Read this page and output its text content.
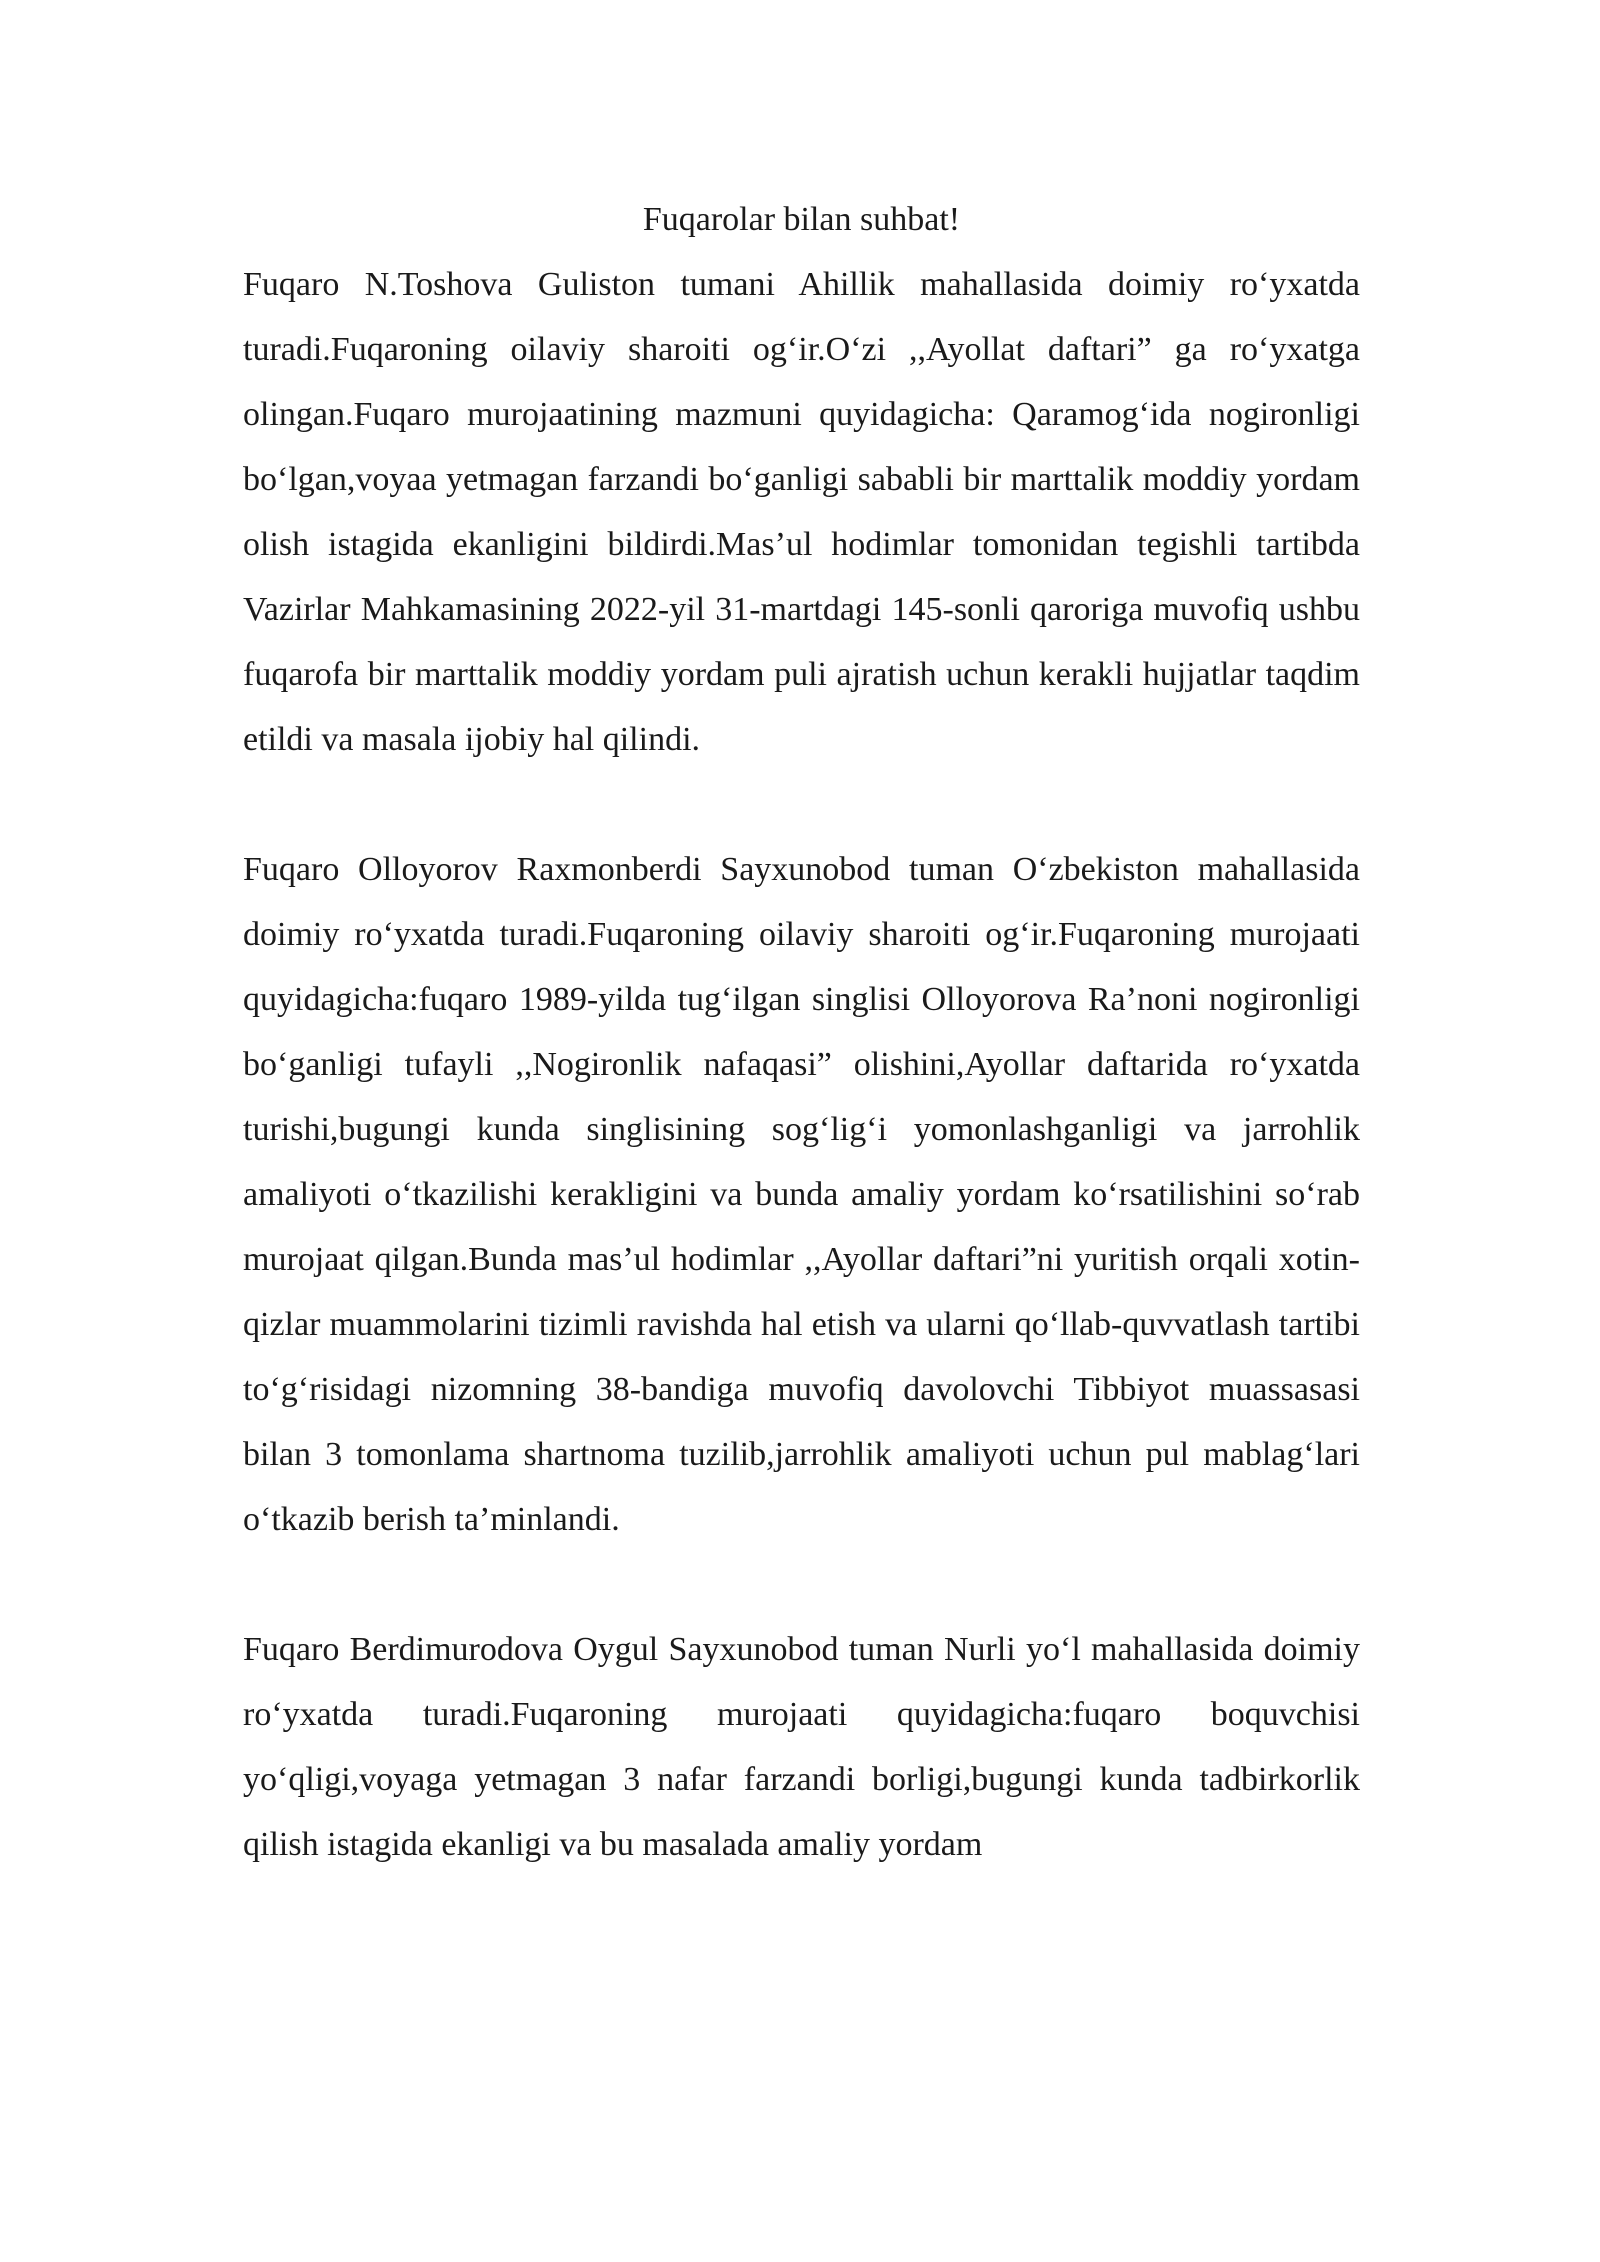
Fuqarolar bilan suhbat!

Fuqaro N.Toshova Guliston tumani Ahillik mahallasida doimiy ro‘yxatda turadi.Fuqaroning oilaviy sharoiti og‘ir.O‘zi ,,Ayollat daftari” ga ro‘yxatga olingan.Fuqaro murojaatining mazmuni quyidagicha: Qaramog‘ida nogironligi bo‘lgan,voyaa yetmagan farzandi bo‘ganligi sababli bir marttalik moddiy yordam olish istagida ekanligini bildirdi.Mas’ul hodimlar tomonidan tegishli tartibda Vazirlar Mahkamasining 2022-yil 31-martdagi 145-sonli qaroriga muvofiq ushbu fuqarofa bir marttalik moddiy yordam puli ajratish uchun kerakli hujjatlar taqdim etildi va masala ijobiy hal qilindi.

Fuqaro Olloyorov Raxmonberdi Sayxunobod tuman O‘zbekiston mahallasida doimiy ro‘yxatda turadi.Fuqaroning oilaviy sharoiti og‘ir.Fuqaroning murojaati quyidagicha:fuqaro 1989-yilda tug‘ilgan singlisi Olloyorova Ra’noni nogironligi bo‘ganligi tufayli ,,Nogironlik nafaqasi” olishini,Ayollar daftarida ro‘yxatda turishi,bugungi kunda singlisining sog‘lig‘i yomonlashganligi va jarrohlik amaliyoti o‘tkazilishi kerakligini va bunda amaliy yordam ko‘rsatilishini so‘rab murojaat qilgan.Bunda mas’ul hodimlar ,,Ayollar daftari”ni yuritish orqali xotin-qizlar muammolarini tizimli ravishda hal etish va ularni qo‘llab-quvvatlash tartibi to‘g‘risidagi nizomning 38-bandiga muvofiq davolovchi Tibbiyot muassasasi bilan 3 tomonlama shartnoma tuzilib,jarrohlik amaliyoti uchun pul mablag‘lari o‘tkazib berish ta’minlandi.

Fuqaro Berdimurodova Oygul Sayxunobod tuman Nurli yo‘l mahallasida doimiy ro‘yxatda turadi.Fuqaroning murojaati quyidagicha:fuqaro boquvchisi yo‘qligi,voyaga yetmagan 3 nafar farzandi borligi,bugungi kunda tadbirkorlik qilish istagida ekanligi va bu masalada amaliy yordam
